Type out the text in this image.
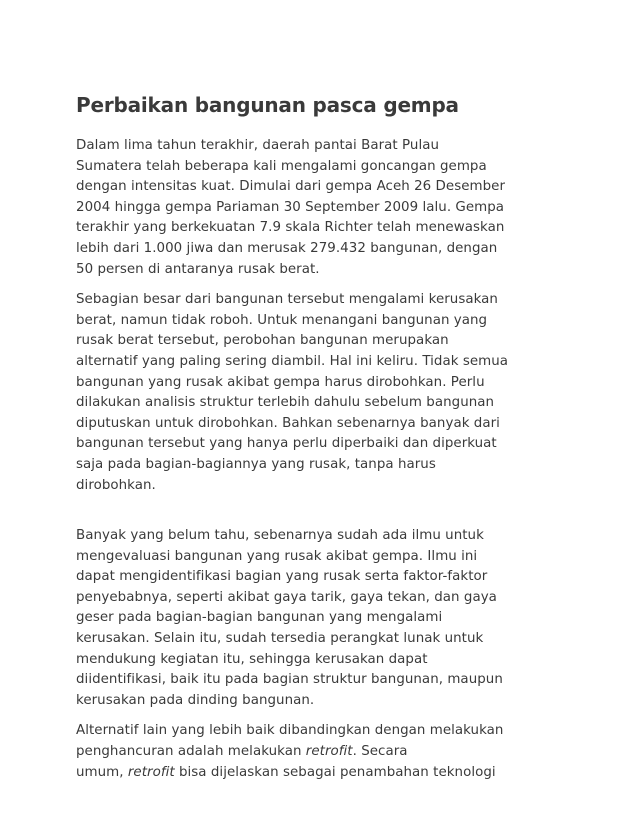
Perbaikan bangunan pasca gempa

Dalam lima tahun terakhir, daerah pantai Barat Pulau
Sumatera telah beberapa kali mengalami goncangan gempa
dengan intensitas kuat. Dimulai dari gempa Aceh 26 Desember
2004 hingga gempa Pariaman 30 September 2009 lalu. Gempa
terakhir yang berkekuatan 7.9 skala Richter telah menewaskan
lebih dari 1.000 jiwa dan merusak 279.432 bangunan, dengan
50 persen di antaranya rusak berat.

Sebagian besar dari bangunan tersebut mengalami kerusakan
berat, namun tidak roboh. Untuk menangani bangunan yang
rusak berat tersebut, perobohan bangunan merupakan
alternatif yang paling sering diambil. Hal ini keliru. Tidak semua
bangunan yang rusak akibat gempa harus dirobohkan. Perlu
dilakukan analisis struktur terlebih dahulu sebelum bangunan
diputuskan untuk dirobohkan. Bahkan sebenarnya banyak dari
bangunan tersebut yang hanya perlu diperbaiki dan diperkuat
saja pada bagian-bagiannya yang rusak, tanpa harus
dirobohkan.

Banyak yang belum tahu, sebenarnya sudah ada ilmu untuk
mengevaluasi bangunan yang rusak akibat gempa. Ilmu ini
dapat mengidentifikasi bagian yang rusak serta faktor-faktor
penyebabnya, seperti akibat gaya tarik, gaya tekan, dan gaya
geser pada bagian-bagian bangunan yang mengalami
kerusakan. Selain itu, sudah tersedia perangkat lunak untuk
mendukung kegiatan itu, sehingga kerusakan dapat
diidentifikasi, baik itu pada bagian struktur bangunan, maupun
kerusakan pada dinding bangunan.

Alternatif lain yang lebih baik dibandingkan dengan melakukan
penghancuran adalah melakukan retrofit. Secara
umum, retrofit bisa dijelaskan sebagai penambahan teknologi
